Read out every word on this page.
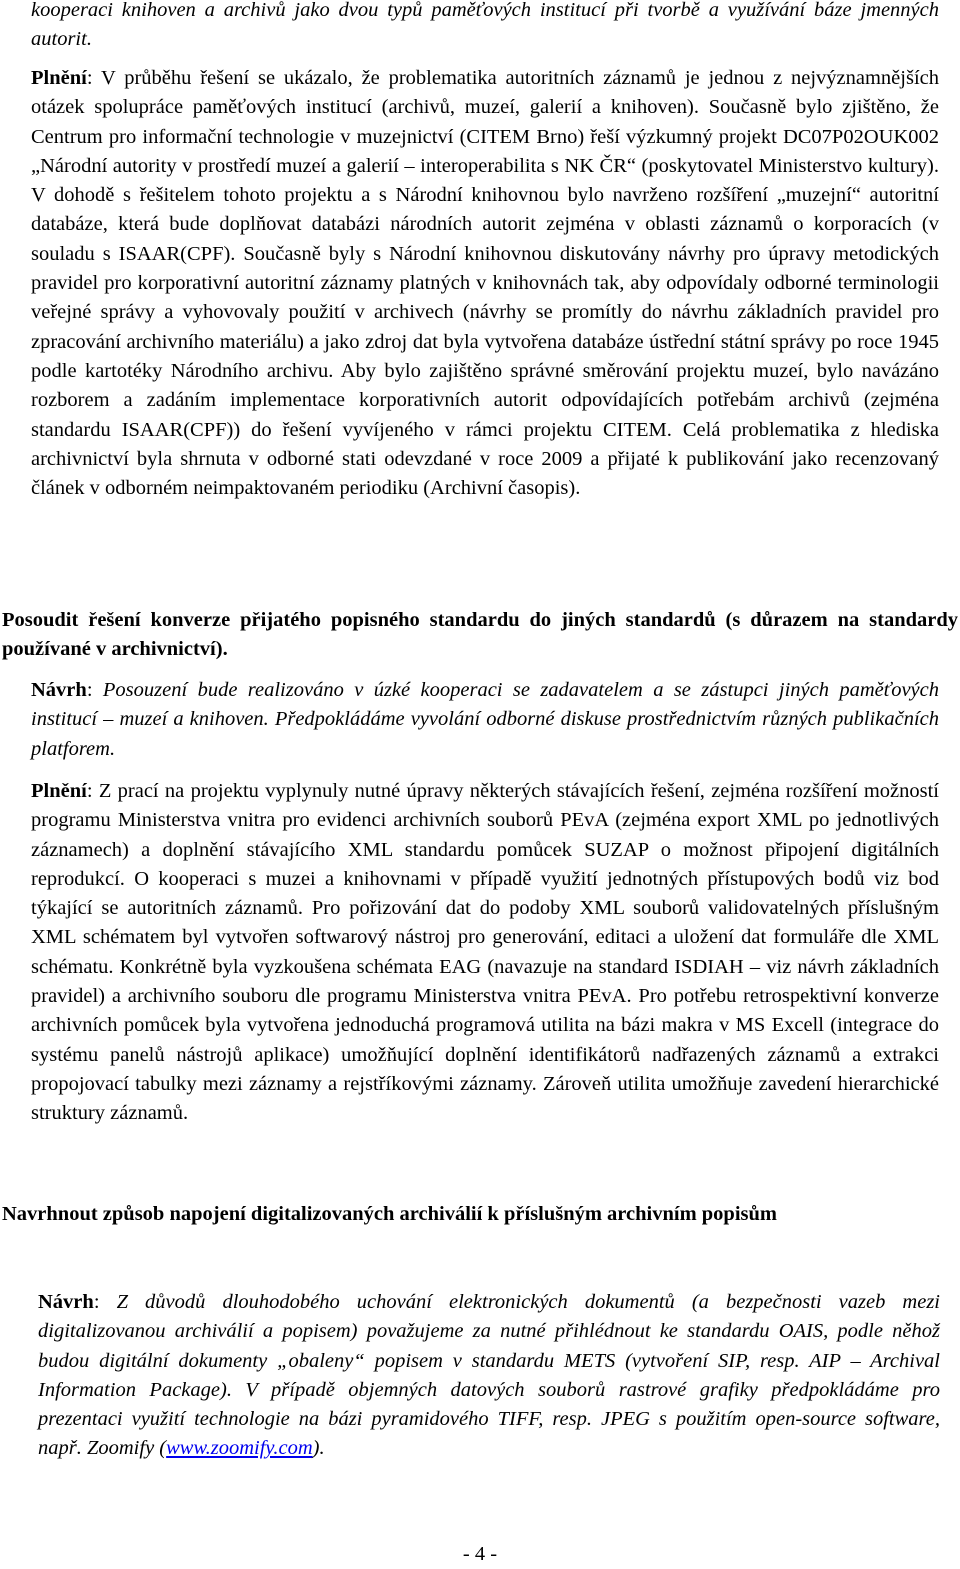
kooperaci knihoven a archivů jako dvou typů paměťových institucí při tvorbě a využívání báze jmenných autorit.

Plnění: V průběhu řešení se ukázalo, že problematika autoritních záznamů je jednou z nejvýznamnějších otázek spolupráce paměťových institucí (archivů, muzeí, galerií a knihoven). Současně bylo zjištěno, že Centrum pro informační technologie v muzejnictví (CITEM Brno) řeší výzkumný projekt DC07P02OUK002 „Národní autority v prostředí muzeí a galerií – interoperabilita s NK ČR“ (poskytovatel Ministerstvo kultury). V dohodě s řešitelem tohoto projektu a s Národní knihovnou bylo navrženo rozšíření „muzejní“ autoritní databáze, která bude doplňovat databázi národních autorit zejména v oblasti záznamů o korporacích (v souladu s ISAAR(CPF). Současně byly s Národní knihovnou diskutovány návrhy pro úpravy metodických pravidel pro korporativní autoritní záznamy platných v knihovnách tak, aby odpovídaly odborné terminologii veřejné správy a vyhovovaly použití v archivech (návrhy se promítly do návrhu základních pravidel pro zpracování archivního materiálu) a jako zdroj dat byla vytvořena databáze ústřední státní správy po roce 1945 podle kartotéky Národního archivu. Aby bylo zajištěno správné směrování projektu muzeí, bylo navázáno rozborem a zadáním implementace korporativních autorit odpovídajících potřebám archivů (zejména standardu ISAAR(CPF)) do řešení vyvíjeného v rámci projektu CITEM. Celá problematika z hlediska archivnictví byla shrnuta v odborné stati odevzdané v roce 2009 a přijaté k publikování jako recenzovaný článek v odborném neimpaktovaném periodiku (Archivní časopis).

Posoudit řešení konverze přijatého popisného standardu do jiných standardů (s důrazem na standardy používané v archivnictví).

Návrh: Posouzení bude realizováno v úzké kooperaci se zadavatelem a se zástupci jiných paměťových institucí – muzeí a knihoven. Předpokládáme vyvolání odborné diskuse prostřednictvím různých publikačních platforem.

Plnění: Z prací na projektu vyplynuly nutné úpravy některých stávajících řešení, zejména rozšíření možností programu Ministerstva vnitra pro evidenci archivních souborů PEvA (zejména export XML po jednotlivých záznamech) a doplnění stávajícího XML standardu pomůcek SUZAP o možnost připojení digitálních reprodukcí. O kooperaci s muzei a knihovnami v případě využití jednotných přístupových bodů viz bod týkající se autoritních záznamů. Pro pořizování dat do podoby XML souborů validovatelných příslušným XML schématem byl vytvořen softwarový nástroj pro generování, editaci a uložení dat formuláře dle XML schématu. Konkrétně byla vyzkoušena schémata EAG (navazuje na standard ISDIAH – viz návrh základních pravidel) a archivního souboru dle programu Ministerstva vnitra PEvA. Pro potřebu retrospektivní konverze archivních pomůcek byla vytvořena jednoduchá programová utilita na bázi makra v MS Excell (integrace do systému panelů nástrojů aplikace) umožňující doplnění identifikátorů nadřazených záznamů a extrakci propojovací tabulky mezi záznamy a rejstříkovými záznamy. Zároveň utilita umožňuje zavedení hierarchické struktury záznamů.

Navrhnout způsob napojení digitalizovaných archiválií k příslušným archivním popisům

Návrh: Z důvodů dlouhodobého uchování elektronických dokumentů (a bezpečnosti vazeb mezi digitalizovanou archiválií a popisem) považujeme za nutné přihlédnout ke standardu OAIS, podle něhož budou digitální dokumenty „obaleny“ popisem v standardu METS (vytvoření SIP, resp. AIP – Archival Information Package). V případě objemných datových souborů rastrové grafiky předpokládáme pro prezentaci využití technologie na bázi pyramidového TIFF, resp. JPEG s použitím open-source software, např. Zoomify (www.zoomify.com).

- 4 -
